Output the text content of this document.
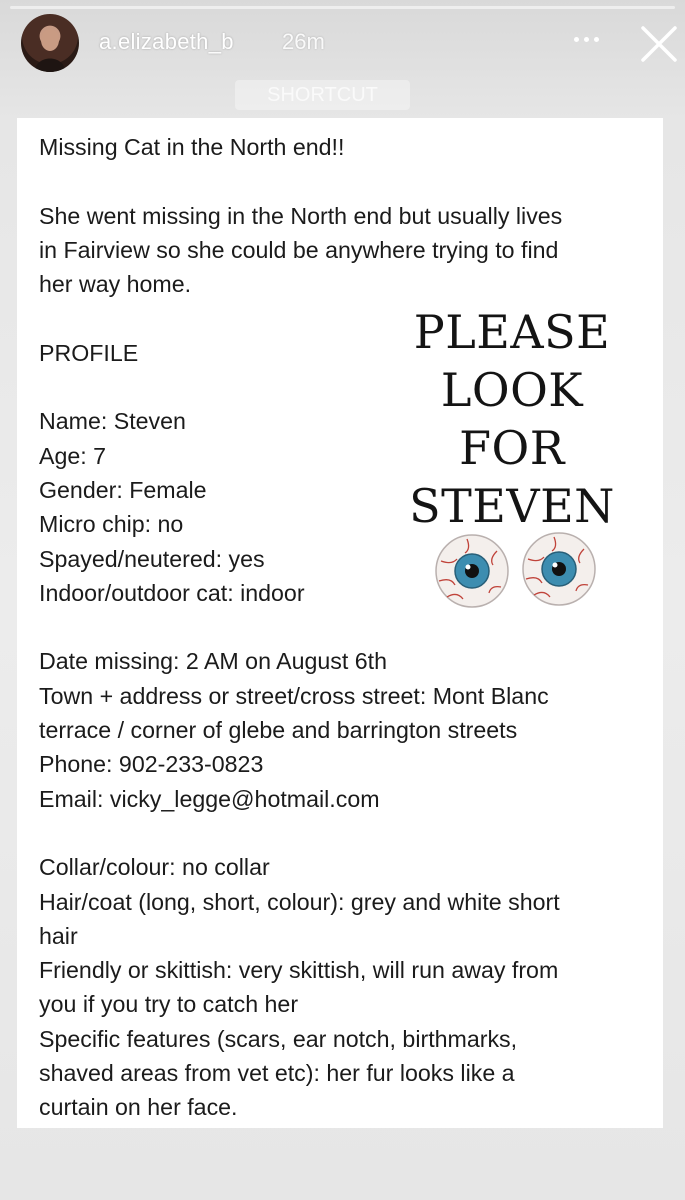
a.elizabeth_b 26m
SHORTCUT

Missing Cat in the North end!!

She went missing in the North end but usually lives

in Fairview so she could be anywhere trying to find

her way home.

PROFILE

Name: Steven

Age: 7

Gender: Female

Micro chip: no

Spayed/neutered: yes

Indoor/outdoor cat: indoor

Date missing: 2 AM on August 6th

Town + address or street/cross street: Mont Blanc

terrace / corner of glebe and barrington streets

Phone: 902-233-0823

Email: vicky_legge@hotmail.com

Collar/colour: no collar

Hair/coat (long, short, colour): grey and white short

hair

Friendly or skittish: very skittish, will run away from

you if you try to catch her

Specific features (scars, ear notch, birthmarks,

shaved areas from vet etc): her fur looks like a

curtain on her face.

PLEASE
LOOK
FOR
STEVEN
